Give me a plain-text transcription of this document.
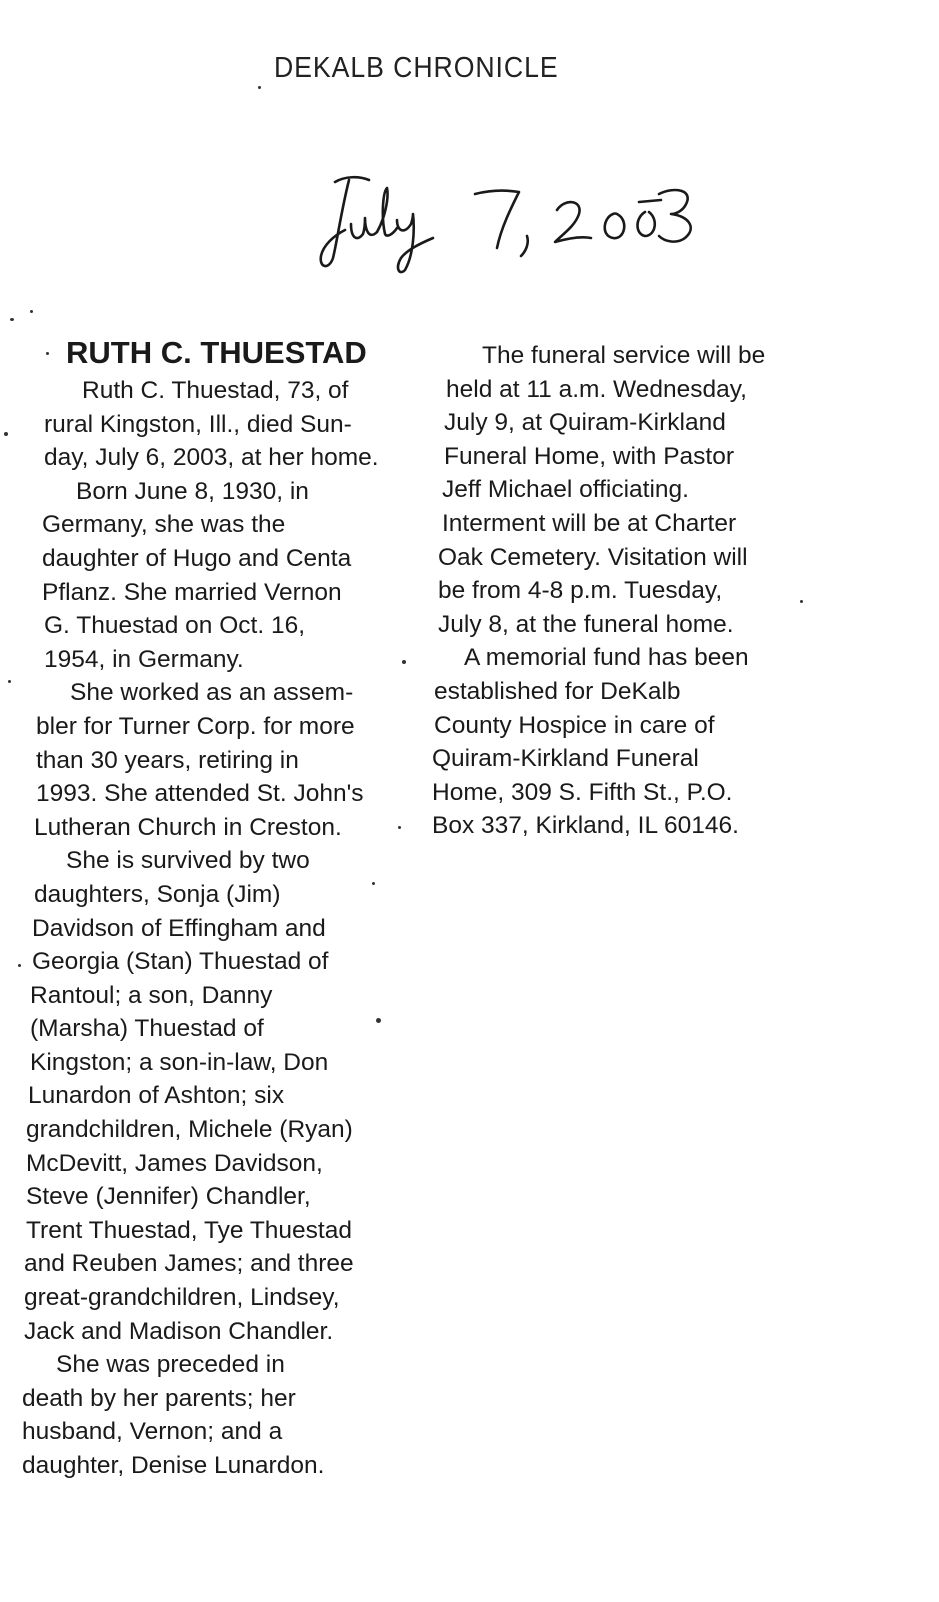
DEKALB CHRONICLE
RUTH C. THUESTAD
Ruth C. Thuestad, 73, of
rural Kingston, Ill., died Sun-
day, July 6, 2003, at her home.
Born June 8, 1930, in
Germany, she was the
daughter of Hugo and Centa
Pflanz. She married Vernon
G. Thuestad on Oct. 16,
1954, in Germany.
She worked as an assem-
bler for Turner Corp. for more
than 30 years, retiring in
1993. She attended St. John's
Lutheran Church in Creston.
She is survived by two
daughters, Sonja (Jim)
Davidson of Effingham and
Georgia (Stan) Thuestad of
Rantoul; a son, Danny
(Marsha) Thuestad of
Kingston; a son-in-law, Don
Lunardon of Ashton; six
grandchildren, Michele (Ryan)
McDevitt, James Davidson,
Steve (Jennifer) Chandler,
Trent Thuestad, Tye Thuestad
and Reuben James; and three
great-grandchildren, Lindsey,
Jack and Madison Chandler.
She was preceded in
death by her parents; her
husband, Vernon; and a
daughter, Denise Lunardon.
The funeral service will be
held at 11 a.m. Wednesday,
July 9, at Quiram-Kirkland
Funeral Home, with Pastor
Jeff Michael officiating.
Interment will be at Charter
Oak Cemetery. Visitation will
be from 4-8 p.m. Tuesday,
July 8, at the funeral home.
A memorial fund has been
established for DeKalb
County Hospice in care of
Quiram-Kirkland Funeral
Home, 309 S. Fifth St., P.O.
Box 337, Kirkland, IL 60146.
